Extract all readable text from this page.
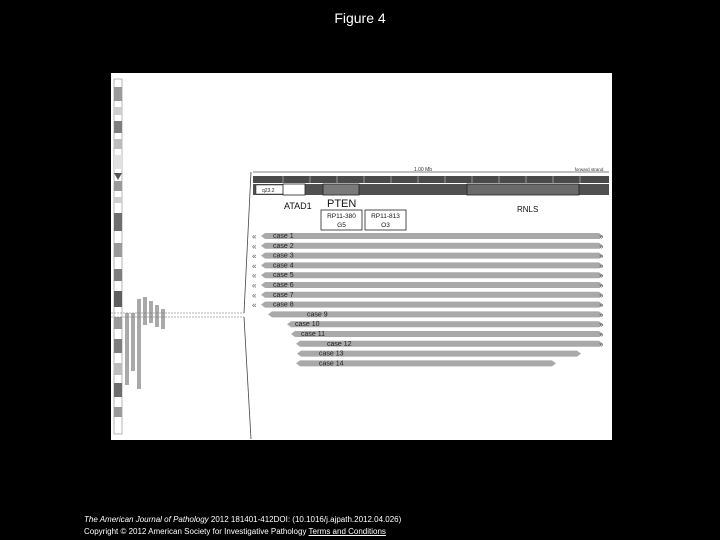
Figure 4
1.00 Mb	forward strand
q23.2
ATAD1 PTEN	RNLS
RP11-380
G5
RP11-813
O3
«	»
case 1
«	»
case 2
«	»
case 3
«	»
case 4
«	»
case 5
«	»
case 6
«	»
case 7
«	»
case 8
»
case 9
»
case 10
»
case 11
»
case 12
case 13
case 14
The American Journal of Pathology 2012 181401-412DOI: (10.1016/j.ajpath.2012.04.026)
Copyright © 2012 American Society for Investigative Pathology Terms and Conditions
